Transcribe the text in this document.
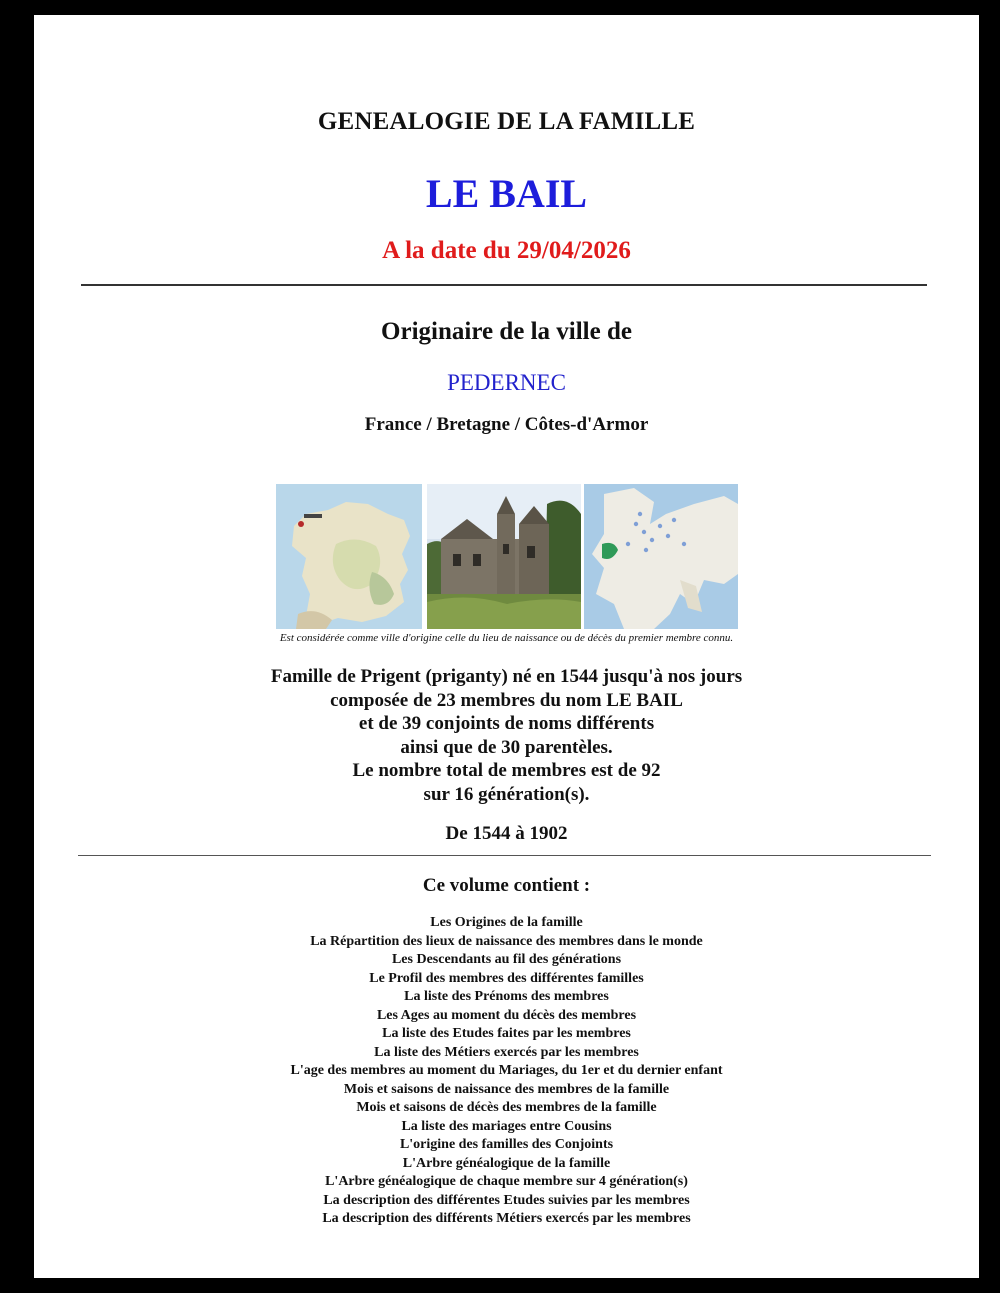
GENEALOGIE DE LA FAMILLE
LE BAIL
A la date du 29/04/2026
Originaire de la ville de
PEDERNEC
France / Bretagne / Côtes-d'Armor
Est considérée comme ville d'origine celle du lieu de naissance ou de décès du premier membre connu.
Famille de Prigent (priganty) né en 1544 jusqu'à nos jours
composée de 23 membres du nom LE BAIL
et de 39 conjoints de noms différents
ainsi que de 30 parentèles.
Le nombre total de membres est de 92
sur 16 génération(s).
De 1544 à 1902
Ce volume contient :
Les Origines de la famille
La Répartition des lieux de naissance des membres dans le monde
Les Descendants au fil des générations
Le Profil des membres des différentes familles
La liste des Prénoms des membres
Les Ages au moment du décès des membres
La liste des Etudes faites par les membres
La liste des Métiers exercés par les membres
L'age des membres au moment du Mariages, du 1er et du dernier enfant
Mois et saisons de naissance des membres de la famille
Mois et saisons de décès des membres de la famille
La liste des mariages entre Cousins
L'origine des familles des Conjoints
L'Arbre généalogique de la famille
L'Arbre généalogique de chaque membre sur 4 génération(s)
La description des différentes Etudes suivies par les membres
La description des différents Métiers exercés par les membres
